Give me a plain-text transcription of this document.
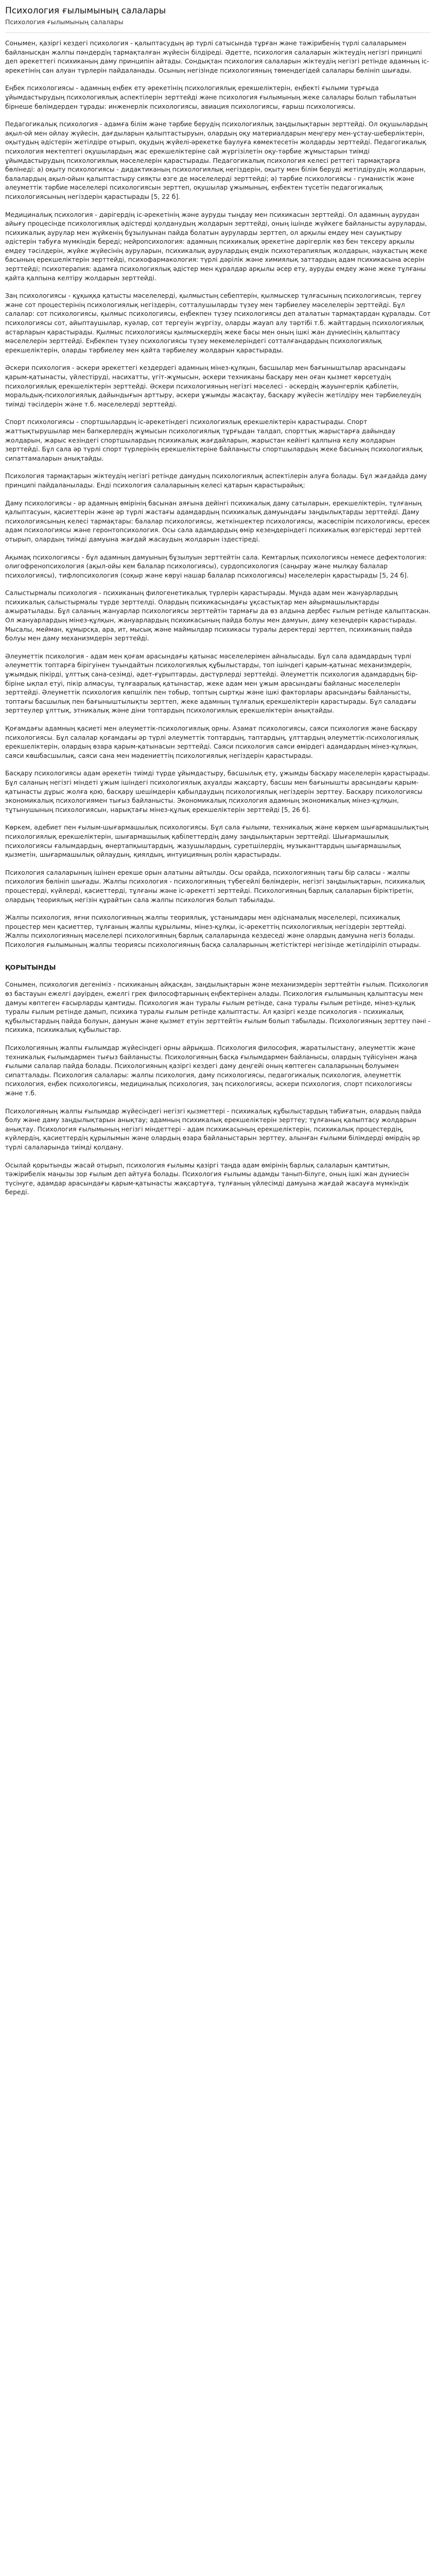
Психология ғылымының салалары
Психология ғылымының салалары

Сонымен, қазіргі кездегі психология - қалыптасудың әр түрлі сатысында тұрған және тәжірибенің түрлі салаларымен байланысқан жалпы пәндердің тармақталған жүйесін білдіреді. Әдетте, психология салаларын жіктеудің негізгі принципі деп әрекеттегі психиканың даму принципін айтады. Сондықтан психология салаларын жіктеудің негізгі ретінде адамның іс-әрекетінің сан алуан түрлерін пайдаланады. Осының негізінде психологияның төмендегідей салалары бөлініп шығады.

Еңбек психологиясы - адамның еңбек ету әрекетінің психологиялық ерекшеліктерін, еңбекті ғылыми тұрғыда ұйымдастырудың психологиялық аспектілерін зерттейді және психология ғылымының жеке салалары болып табылатын бірнеше бөлімдерден тұрады: инженерлік психологиясы, авиация психологиясы, ғарыш психологиясы.

Педагогикалық психология - адамға білім және тәрбие берудің психологиялық заңдылықтарын зерттейді. Ол оқушылардың ақыл-ой мен ойлау жүйесін, дағдыларын қалыптастыруын, олардың оқу материалдарын меңгеру мен-ұстау-шеберліктерін, оқытудың әдістерін жетілдіре отырып, оқудың жүйелі-әрекетке баулуға көмектесетін жолдарды зерттейді. Педагогикалық психология мектептегі оқушылардың жас ерекшеліктеріне сай жүргізілетін оқу-тәрбие жұмыстарын тиімді ұйымдастырудың психологиялық мәселелерін қарастырады. Педагогикалық психология келесі реттегі тармақтарға бөлінеді: а) оқыту психологиясы - дидактиканың психологиялық негіздерін, оқыту мен білім беруді жетілдірудің жолдарын, балалардың ақыл-ойын қалыптастыру сияқты өзге де мәселелерді зерттейді; ә) тәрбие психологиясы - гуманистік және әлеуметтік тәрбие мәселелері психологиясын зерттеп, оқушылар ұжымының, еңбектен түсетін педагогикалық психологиясының негіздерін қарастырады [5, 22 б].

Медициналық психология - дәрігердің іс-әрекетінің және ауруды тыңдау мен психикасын зерттейді. Ол адамның аурудан айығу процесінде психологиялық әдістерді қолданудың жолдарын зерттейді, оның ішінде жүйкеге байланысты ауруларды, психикалық аурулар мен жүйкенің бұзылуынан пайда болатын ауруларды зерттеп, ол арқылы емдеу мен сауықтыру әдістерін табуға мүмкіндік береді; нейропсихология: адамның психикалық әрекетіне дәрігерлік көз бен тексеру арқылы емдеу тәсілдерін, жүйке жүйесінің ауруларын, психикалық аурулардың емдік психотерапиялық жолдарын, наукастың жеке басының ерекшеліктерін зерттейді, психофармакология: түрлі дәрілік және химиялық заттардың адам психикасына әсерін зерттейді; психотерапия: адамға психологиялық әдістер мен құралдар арқылы әсер ету, ауруды емдеу және жеке тұлғаны қайта қалпына келтіру жолдарын зерттейді.

Заң психологиясы - құқыққа қатысты мәселелерді, қылмыстың себептерін, қылмыскер тұлғасының психологиясын, тергеу және сот процестерінің психологиялық негіздерін, сотталушыларды түзеу мен тәрбиелеу мәселелерін зерттейді. Бұл салалар: сот психологиясы, қылмыс психологиясы, еңбекпен түзеу психологиясы деп аталатын тармақтардан құралады. Сот психологиясы сот, айыптаушылар, куәлар, сот тергеуін жүргізу, оларды жауап алу тәртібі т.б. жайттардың психологиялық астарларын қарастырады. Қылмыс психологиясы қылмыскердің жеке басы мен оның ішкі жан дүниесінің қалыптасу мәселелерін зерттейді. Еңбекпен түзеу психологиясы түзеу мекемелеріндегі сотталғандардың психологиялық ерекшеліктерін, оларды тәрбиелеу мен қайта тәрбиелеу жолдарын қарастырады.

Әскери психология - әскери әрекеттегі кездердегі адамның мінез-құлқын, басшылар мен бағыныштылар арасындағы қарым-қатынасты, үйлестіруді, насихатты, үгіт-жұмысын, әскери техниканы басқару мен оған қызмет көрсетудің психологиялық ерекшеліктерін зерттейді. Әскери психологияның негізгі мәселесі - әскердің жауынгерлік қабілетін, моральдық-психологиялық дайындығын арттыру, әскери ұжымды жасақтау, басқару жүйесін жетілдіру мен тәрбиелеудің тиімді тәсілдерін және т.б. мәселелерді зерттейді.

Спорт психологиясы - спортшылардың іс-әрекетіндегі психологиялық ерекшеліктерін қарастырады. Спорт жаттықтырушылар мен бапкерлердің жұмысын психологиялық тұрғыдан талдап, спорттық жарыстарға дайындау жолдарын, жарыс кезіндегі спортшылардың психикалық жағдайларын, жарыстан кейінгі қалпына келу жолдарын зерттейді. Бұл сала әр түрлі спорт түрлерінің ерекшеліктеріне байланысты спортшылардың жеке басының психологиялық сипаттамаларын анықтайды.

Психология тармақтарын жіктеудің негізгі ретінде дамудың психологиялық аспектілерін алуға болады. Бұл жағдайда даму принципі пайдаланылады. Енді психология салаларының келесі қатарын қарастырайық:

Даму психологиясы - әр адамның өмірінің басынан аяғына дейінгі психикалық даму сатыларын, ерекшеліктерін, тұлғаның қалыптасуын, қасиеттерін және әр түрлі жастағы адамдардың психикалық дамуындағы заңдылықтарды зерттейді. Даму психологиясының келесі тармақтары: балалар психологиясы, жеткіншектер психологиясы, жасөспірім психологиясы, ересек адам психологиясы және геронтопсихология. Осы сала адамдардың өмір кезеңдеріндегі психикалық өзгерістерді зерттей отырып, олардың тиімді дамуына жағдай жасаудың жолдарын іздестіреді.

Ақымақ психологиясы - бұл адамның дамуының бұзылуын зерттейтін сала. Кемтарлық психологиясы немесе дефектология: олигофренопсихология (ақыл-ойы кем балалар психологиясы), сурдопсихология (саңырау және мылқау балалар психологиясы), тифлопсихология (соқыр және көруі нашар балалар психологиясы) мәселелерін қарастырады [5, 24 б].

Салыстырмалы психология - психиканың филогенетикалық түрлерін қарастырады. Мұнда адам мен жануарлардың психикалық салыстырмалы түрде зерттелді. Олардың психикасындағы ұқсастықтар мен айырмашылықтарды ажыратылады. Бұл саланың жануарлар психологиясы зерттейтін тармағы да өз алдына дербес ғылым ретінде қалыптасқан. Ол жануарлардың мінез-құлқын, жануарлардың психикасының пайда болуы мен дамуын, даму кезеңдерін қарастырады. Мысалы, мейман, құмырсқа, ара, ит, мысық және маймылдар психикасы туралы деректерді зерттеп, психиканың пайда болуы мен даму механизмдерін зерттейді.

Әлеуметтік психология - адам мен қоғам арасындағы қатынас мәселелерімен айналысады. Бұл сала адамдардың түрлі әлеуметтік топтарға бірігуінен туындайтын психологиялық құбылыстарды, топ ішіндегі қарым-қатынас механизмдерін, ұжымдық пікірді, ұлттық сана-сезімді, әдет-ғұрыптарды, дәстүрлерді зерттейді. Әлеуметтік психология адамдардың бір-біріне ықпал етуі, пікір алмасуы, тұлғааралық қатынастар, жеке адам мен ұжым арасындағы байланыс мәселелерін зерттейді. Әлеуметтік психология көпшілік пен тобыр, топтың сыртқы және ішкі факторлары арасындағы байланысты, топтағы басшылық пен бағыныштылықты зерттеп, жеке адамның тұлғалық ерекшеліктерін қарастырады. Бұл саладағы зерттеулер ұлттық, этникалық және діни топтардың психологиялық ерекшеліктерін анықтайды.

Қоғамдағы адамның қасиеті мен әлеуметтік-психологиялық орны. Азамат психологиясы, саяси психология және басқару психологиясы. Бұл салалар қоғамдағы әр түрлі әлеуметтік топтардың, таптардың, ұлттардың әлеуметтік-психологиялық ерекшеліктерін, олардың өзара қарым-қатынасын зерттейді. Саяси психология саяси өмірдегі адамдардың мінез-құлқын, саяси көшбасшылық, саяси сана мен мәдениеттің психологиялық негіздерін қарастырады.

Басқару психологиясы адам әрекетін тиімді түрде ұйымдастыру, басшылық ету, ұжымды басқару мәселелерін қарастырады. Бұл саланың негізгі міндеті ұжым ішіндегі психологиялық ахуалды жақсарту, басшы мен бағынышты арасындағы қарым-қатынасты дұрыс жолға қою, басқару шешімдерін қабылдаудың психологиялық негіздерін зерттеу. Басқару психологиясы экономикалық психологиямен тығыз байланысты. Экономикалық психология адамның экономикалық мінез-құлқын, тұтынушының психологиясын, нарықтағы мінез-құлық ерекшеліктерін зерттейді [5, 26 б].

Көркем, әдебиет пен ғылым-шығармашылық психологиясы. Бұл сала ғылыми, техникалық және көркем шығармашылықтың психологиялық ерекшеліктерін, шығармашылық қабілеттердің даму заңдылықтарын зерттейді. Шығармашылық психологиясы ғалымдардың, өнертапқыштардың, жазушылардың, суретшілердің, музыканттардың шығармашылық қызметін, шығармашылық ойлаудың, қиялдың, интуицияның ролін қарастырады.

Психология салаларының ішінен ерекше орын алатыны айтылды. Осы орайда, психологияның тағы бір саласы - жалпы психология бөлініп шығады. Жалпы психология - психологияның түбегейлі бөлімдерін, негізгі заңдылықтарын, психикалық процестерді, күйлерді, қасиеттерді, тұлғаны және іс-әрекетті зерттейді. Психологияның барлық салаларын біріктіретін, олардың теориялық негізін құрайтын сала жалпы психология болып табылады.

Жалпы психология, яғни психологияның жалпы теориялық, ұстанымдары мен әдіснамалық мәселелері, психикалық процестер мен қасиеттер, тұлғаның жалпы құрылымы, мінез-құлқы, іс-әрекеттің психологиялық негіздерін зерттейді. Жалпы психологияның мәселелері психологияның барлық салаларында кездеседі және олардың дамуына негіз болады. Психология ғылымының жалпы теориясы психологияның басқа салаларының жетістіктері негізінде жетілдіріліп отырады.

ҚОРЫТЫНДЫ

Сонымен, психология дегеніміз - психиканың айқасқан, заңдылықтарын және механизмдерін зерттейтін ғылым. Психология өз бастауын ежелгі дәуірден, ежелгі грек философтарының еңбектерінен алады. Психология ғылымының қалыптасуы мен дамуы көптеген ғасырларды қамтиды. Психология жан туралы ғылым ретінде, сана туралы ғылым ретінде, мінез-құлық туралы ғылым ретінде дамып, психика туралы ғылым ретінде қалыптасты. Ал қазіргі кезде психология - психикалық құбылыстардың пайда болуын, дамуын және қызмет етуін зерттейтін ғылым болып табылады. Психологияның зерттеу пәні - психика, психикалық құбылыстар.

Психологияның жалпы ғылымдар жүйесіндегі орны айрықша. Психология философия, жаратылыстану, әлеуметтік және техникалық ғылымдармен тығыз байланысты. Психологияның басқа ғылымдармен байланысы, олардың түйісуінен жаңа ғылыми салалар пайда болады. Психологияның қазіргі кездегі даму деңгейі оның көптеген салаларының болуымен сипатталады. Психология салалары: жалпы психология, даму психологиясы, педагогикалық психология, әлеуметтік психология, еңбек психологиясы, медициналық психология, заң психологиясы, әскери психология, спорт психологиясы және т.б.

Психологияның жалпы ғылымдар жүйесіндегі негізгі қызметтері - психикалық құбылыстардың табиғатын, олардың пайда болу және даму заңдылықтарын анықтау; адамның психикалық ерекшеліктерін зерттеу; тұлғаның қалыптасу жолдарын анықтау. Психология ғылымының негізгі міндеттері - адам психикасының ерекшеліктерін, психикалық процестердің, күйлердің, қасиеттердің құрылымын және олардың өзара байланыстарын зерттеу, алынған ғылыми білімдерді өмірдің әр түрлі салаларында тиімді қолдану.

Осылай қорытынды жасай отырып, психология ғылымы қазіргі таңда адам өмірінің барлық салаларын қамтитын, тәжірибелік маңызы зор ғылым деп айтуға болады. Психология ғылымы адамды танып-білуге, оның ішкі жан дүниесін түсінуге, адамдар арасындағы қарым-қатынасты жақсартуға, тұлғаның үйлесімді дамуына жағдай жасауға мүмкіндік береді.
